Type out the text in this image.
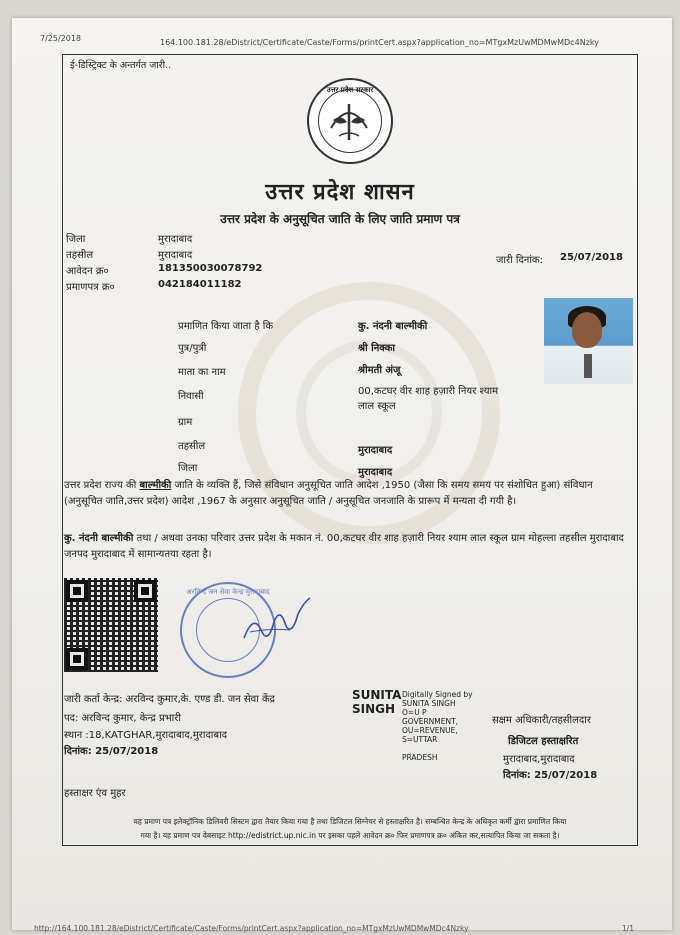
7/25/2018	164.100.181.28/eDistrict/Certificate/Caste/Forms/printCert.aspx?application_no=MTgxMzUwMDMwMDc4Nzky
ई-डिस्ट्रिक्ट के अन्तर्गत जारी..
उत्तर प्रदेश सरकार
उत्तर प्रदेश शासन
उत्तर प्रदेश के अनुसूचित जाति के लिए जाति प्रमाण पत्र
जिला	मुरादाबाद
तहसील	मुरादाबाद
आवेदन क्र०	181350030078792
प्रमाणपत्र क्र०	042184011182
जारी दिनांक: 25/07/2018
प्रमाणित किया जाता है कि	कु. नंदनी बाल्मीकी
पुत्र/पुत्री	श्री निक्का
माता का नाम	श्रीमती अंजू
निवासी	00,कटघर वीर शाह हज़ारी नियर श्याम
लाल स्कूल
ग्राम
तहसील	मुरादाबाद
जिला	मुरादाबाद
उत्तर प्रदेश राज्य की बाल्मीकी जाति के व्यक्ति हैं, जिसे संविधान अनुसूचित जाति आदेश ,1950 (जैसा कि समय समय पर संशोधित हुआ) संविधान (अनुसूचित जाति,उत्तर प्रदेश) आदेश ,1967 के अनुसार अनुसूचित जाति / अनुसूचित जनजाति के प्रारूप में मन्यता दी गयी है।
कु. नंदनी बाल्मीकी तथा / अथवा उनका परिवार उत्तर प्रदेश के मकान नं. 00,कटघर वीर शाह हज़ारी नियर श्याम लाल स्कूल ग्राम मोहल्ला तहसील मुरादाबाद जनपद मुरादाबाद में सामान्यतया रहता है।
अरविन्द जन सेवा केन्द्र मुरादाबाद
जारी कर्ता केन्द्र: अरविन्द कुमार,के. एण्ड डी. जन सेवा केंद्र
पद: अरविन्द कुमार, केन्द्र प्रभारी
स्थान :18,KATGHAR,मुरादाबाद,मुरादाबाद
दिनांक: 25/07/2018
हस्ताक्षर एंव मुहर
SUNITA
SINGH
Digitally Signed by
SUNITA SINGH
O=U P
GOVERNMENT,
OU=REVENUE,
S=UTTAR
PRADESH
सक्षम अधिकारी/तहसीलदार
डिजिटल हस्ताक्षरित
मुरादाबाद,मुरादाबाद
दिनांक: 25/07/2018
यह प्रमाण पत्र इलेक्ट्रॉनिक डिलिवरी सिस्टम द्वारा तैयार किया गया है तथा डिजिटल सिग्नेचर से हस्ताक्षरित है। सम्बन्धित केन्द्र के अधिकृत कर्मी द्वारा प्रमाणित किया
गया है। यह प्रमाण पत्र वेबसाइट http://edistrict.up.nic.in पर इसका पहले आवेदन क्र० फिर प्रमाणपत्र क्र० अंकित कर,सत्यापित किया जा सकता है।
http://164.100.181.28/eDistrict/Certificate/Caste/Forms/printCert.aspx?application_no=MTgxMzUwMDMwMDc4Nzky	1/1
